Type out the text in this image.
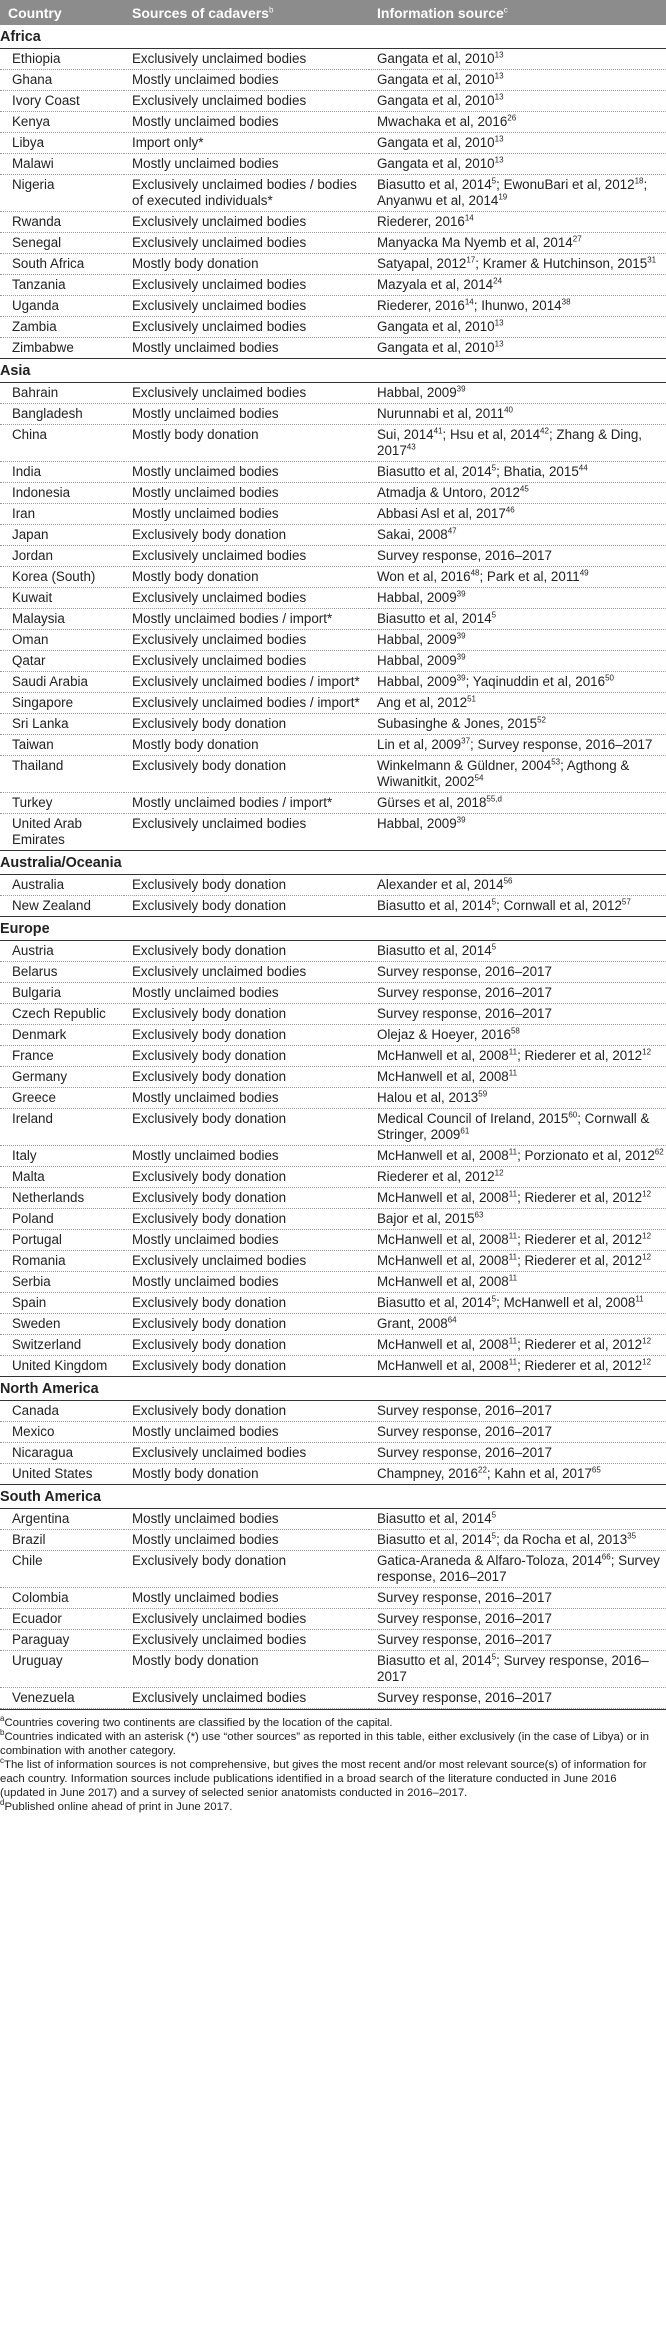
Country	Sources of cadavers$^b$	Information source$^c$
Africa		
Ethiopia	Exclusively unclaimed bodies	Gangata et al, 2010$^{13}$
Ghana	Mostly unclaimed bodies	Gangata et al, 2010$^{13}$
Ivory Coast	Exclusively unclaimed bodies	Gangata et al, 2010$^{13}$
Kenya	Mostly unclaimed bodies	Mwachaka et al, 2016$^{26}$
Libya	Import only*	Gangata et al, 2010$^{13}$
Malawi	Mostly unclaimed bodies	Gangata et al, 2010$^{13}$
Nigeria	Exclusively unclaimed bodies / bodies of executed individuals*	Biasutto et al, 2014$^5$; EwonuBari et al, 2012$^{18}$; Anyanwu et al, 2014$^{19}$
Rwanda	Exclusively unclaimed bodies	Riederer, 2016$^{14}$
Senegal	Exclusively unclaimed bodies	Manyacka Ma Nyemb et al, 2014$^{27}$
South Africa	Mostly body donation	Satyapal, 2012$^{17}$; Kramer & Hutchinson, 2015$^{31}$
Tanzania	Exclusively unclaimed bodies	Mazyala et al, 2014$^{24}$
Uganda	Exclusively unclaimed bodies	Riederer, 2016$^{14}$; Ihunwo, 2014$^{38}$
Zambia	Exclusively unclaimed bodies	Gangata et al, 2010$^{13}$
Zimbabwe	Mostly unclaimed bodies	Gangata et al, 2010$^{13}$
Asia		
Bahrain	Exclusively unclaimed bodies	Habbal, 2009$^{39}$
Bangladesh	Mostly unclaimed bodies	Nurunnabi et al, 2011$^{40}$
China	Mostly body donation	Sui, 2014$^{41}$; Hsu et al, 2014$^{42}$; Zhang & Ding, 2017$^{43}$
India	Mostly unclaimed bodies	Biasutto et al, 2014$^5$; Bhatia, 2015$^{44}$
Indonesia	Mostly unclaimed bodies	Atmadja & Untoro, 2012$^{45}$
Iran	Mostly unclaimed bodies	Abbasi Asl et al, 2017$^{46}$
Japan	Exclusively body donation	Sakai, 2008$^{47}$
Jordan	Exclusively unclaimed bodies	Survey response, 2016–2017
Korea (South)	Mostly body donation	Won et al, 2016$^{48}$; Park et al, 2011$^{49}$
Kuwait	Exclusively unclaimed bodies	Habbal, 2009$^{39}$
Malaysia	Mostly unclaimed bodies / import*	Biasutto et al, 2014$^5$
Oman	Exclusively unclaimed bodies	Habbal, 2009$^{39}$
Qatar	Exclusively unclaimed bodies	Habbal, 2009$^{39}$
Saudi Arabia	Exclusively unclaimed bodies / import*	Habbal, 2009$^{39}$; Yaqinuddin et al, 2016$^{50}$
Singapore	Exclusively unclaimed bodies / import*	Ang et al, 2012$^{51}$
Sri Lanka	Exclusively body donation	Subasinghe & Jones, 2015$^{52}$
Taiwan	Mostly body donation	Lin et al, 2009$^{37}$; Survey response, 2016–2017
Thailand	Exclusively body donation	Winkelmann & Güldner, 2004$^{53}$; Agthong & Wiwanitkit, 2002$^{54}$
Turkey	Mostly unclaimed bodies / import*	Gürses et al, 2018$^{55,d}$
United Arab Emirates	Exclusively unclaimed bodies	Habbal, 2009$^{39}$
Australia/Oceania		
Australia	Exclusively body donation	Alexander et al, 2014$^{56}$
New Zealand	Exclusively body donation	Biasutto et al, 2014$^5$; Cornwall et al, 2012$^{57}$
Europe		
Austria	Exclusively body donation	Biasutto et al, 2014$^5$
Belarus	Exclusively unclaimed bodies	Survey response, 2016–2017
Bulgaria	Mostly unclaimed bodies	Survey response, 2016–2017
Czech Republic	Exclusively body donation	Survey response, 2016–2017
Denmark	Exclusively body donation	Olejaz & Hoeyer, 2016$^{58}$
France	Exclusively body donation	McHanwell et al, 2008$^{11}$; Riederer et al, 2012$^{12}$
Germany	Exclusively body donation	McHanwell et al, 2008$^{11}$
Greece	Mostly unclaimed bodies	Halou et al, 2013$^{59}$
Ireland	Exclusively body donation	Medical Council of Ireland, 2015$^{60}$; Cornwall & Stringer, 2009$^{61}$
Italy	Mostly unclaimed bodies	McHanwell et al, 2008$^{11}$; Porzionato et al, 2012$^{62}$
Malta	Exclusively body donation	Riederer et al, 2012$^{12}$
Netherlands	Exclusively body donation	McHanwell et al, 2008$^{11}$; Riederer et al, 2012$^{12}$
Poland	Exclusively body donation	Bajor et al, 2015$^{63}$
Portugal	Mostly unclaimed bodies	McHanwell et al, 2008$^{11}$; Riederer et al, 2012$^{12}$
Romania	Exclusively unclaimed bodies	McHanwell et al, 2008$^{11}$; Riederer et al, 2012$^{12}$
Serbia	Mostly unclaimed bodies	McHanwell et al, 2008$^{11}$
Spain	Exclusively body donation	Biasutto et al, 2014$^5$; McHanwell et al, 2008$^{11}$
Sweden	Exclusively body donation	Grant, 2008$^{64}$
Switzerland	Exclusively body donation	McHanwell et al, 2008$^{11}$; Riederer et al, 2012$^{12}$
United Kingdom	Exclusively body donation	McHanwell et al, 2008$^{11}$; Riederer et al, 2012$^{12}$
North America		
Canada	Exclusively body donation	Survey response, 2016–2017
Mexico	Mostly unclaimed bodies	Survey response, 2016–2017
Nicaragua	Exclusively unclaimed bodies	Survey response, 2016–2017
United States	Mostly body donation	Champney, 2016$^{22}$; Kahn et al, 2017$^{65}$
South America		
Argentina	Mostly unclaimed bodies	Biasutto et al, 2014$^5$
Brazil	Mostly unclaimed bodies	Biasutto et al, 2014$^5$; da Rocha et al, 2013$^{35}$
Chile	Exclusively body donation	Gatica-Araneda & Alfaro-Toloza, 2014$^{66}$; Survey response, 2016–2017
Colombia	Mostly unclaimed bodies	Survey response, 2016–2017
Ecuador	Exclusively unclaimed bodies	Survey response, 2016–2017
Paraguay	Exclusively unclaimed bodies	Survey response, 2016–2017
Uruguay	Mostly body donation	Biasutto et al, 2014$^5$; Survey response, 2016–2017
Venezuela	Exclusively unclaimed bodies	Survey response, 2016–2017

$^a$Countries covering two continents are classified by the location of the capital.

$^b$Countries indicated with an asterisk (*) use “other sources” as reported in this table, either exclusively (in the case of Libya) or in combination with another category.

$^c$The list of information sources is not comprehensive, but gives the most recent and/or most relevant source(s) of information for each country. Information sources include publications identified in a broad search of the literature conducted in June 2016 (updated in June 2017) and a survey of selected senior anatomists conducted in 2016–2017.

$^d$Published online ahead of print in June 2017.
